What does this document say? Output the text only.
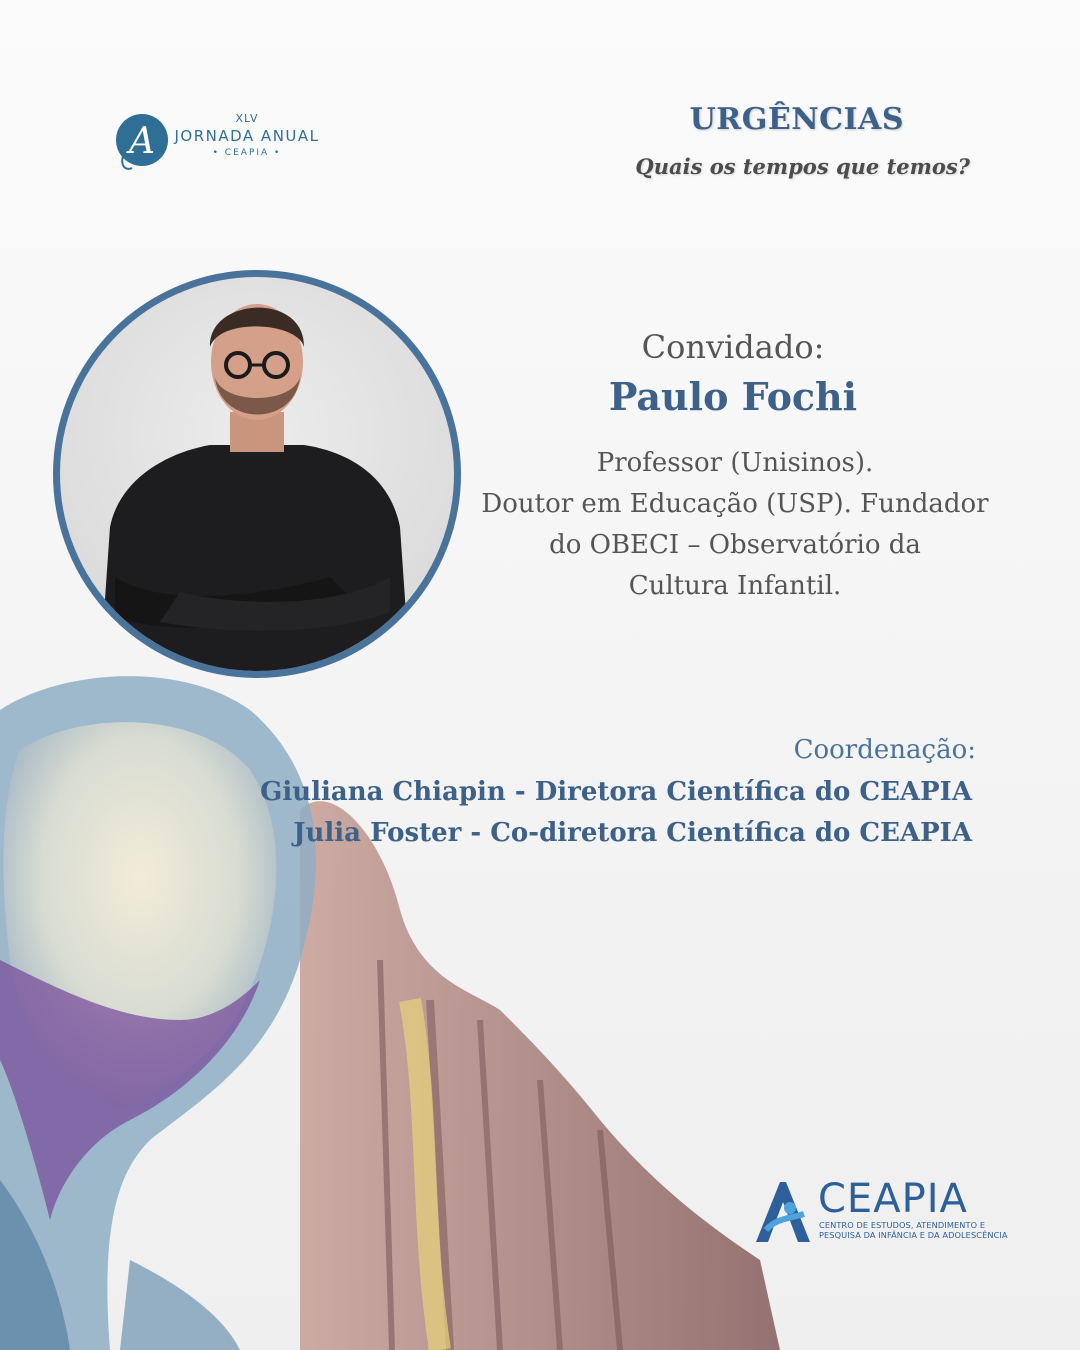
A
XLV
JORNADA ANUAL
• CEAPIA •
URGÊNCIAS
Quais os tempos que temos?
Convidado:
Paulo Fochi
Professor (Unisinos).
Doutor em Educação (USP). Fundador
do OBECI – Observatório da
Cultura Infantil.
Coordenação:
Giuliana Chiapin - Diretora Científica do CEAPIA
Julia Foster - Co-diretora Científica do CEAPIA
CEAPIA
CENTRO DE ESTUDOS, ATENDIMENTO E
PESQUISA DA INFÂNCIA E DA ADOLESCÊNCIA
